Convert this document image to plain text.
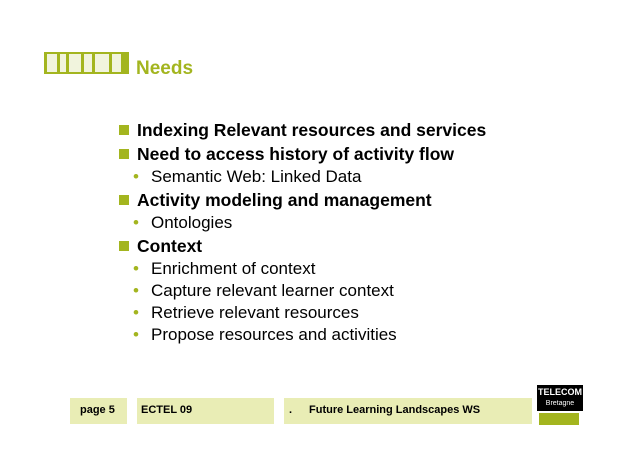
Needs
Indexing Relevant resources and services
Need to access history of activity flow
• Semantic Web: Linked Data
Activity modeling and management
• Ontologies
Context
• Enrichment of context
• Capture relevant learner context
• Retrieve relevant resources
• Propose resources and activities
page 5 ECTEL 09	. Future Learning Landscapes WS
TELECOM
Bretagne
